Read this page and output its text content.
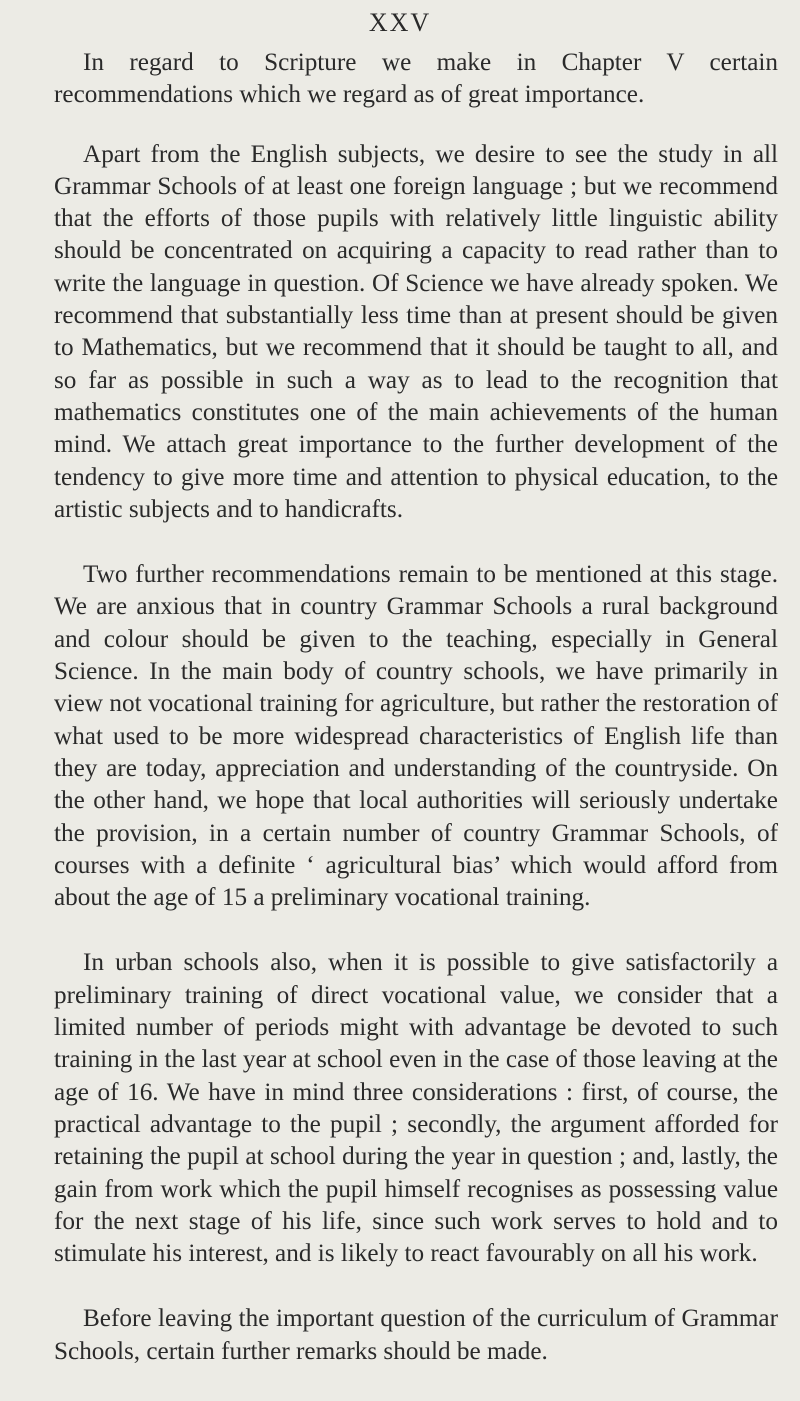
XXV

In regard to Scripture we make in Chapter V certain recommendations which we regard as of great importance.

Apart from the English subjects, we desire to see the study in all Grammar Schools of at least one foreign language ; but we recommend that the efforts of those pupils with relatively little linguistic ability should be concentrated on acquiring a capacity to read rather than to write the language in question. Of Science we have already spoken. We recommend that substantially less time than at present should be given to Mathematics, but we recommend that it should be taught to all, and so far as possible in such a way as to lead to the recognition that mathematics constitutes one of the main achievements of the human mind. We attach great importance to the further development of the tendency to give more time and attention to physical education, to the artistic subjects and to handicrafts.

Two further recommendations remain to be mentioned at this stage. We are anxious that in country Grammar Schools a rural background and colour should be given to the teaching, especially in General Science. In the main body of country schools, we have primarily in view not vocational training for agriculture, but rather the restoration of what used to be more widespread characteristics of English life than they are today, appreciation and understanding of the countryside. On the other hand, we hope that local authorities will seriously undertake the provision, in a certain number of country Grammar Schools, of courses with a definite ‘ agricultural bias’ which would afford from about the age of 15 a preliminary vocational training.

In urban schools also, when it is possible to give satisfactorily a preliminary training of direct vocational value, we consider that a limited number of periods might with advantage be devoted to such training in the last year at school even in the case of those leaving at the age of 16. We have in mind three considerations : first, of course, the practical advantage to the pupil ; secondly, the argument afforded for retaining the pupil at school during the year in question ; and, lastly, the gain from work which the pupil himself recognises as possessing value for the next stage of his life, since such work serves to hold and to stimulate his interest, and is likely to react favourably on all his work.

Before leaving the important question of the curriculum of Grammar Schools, certain further remarks should be made.
